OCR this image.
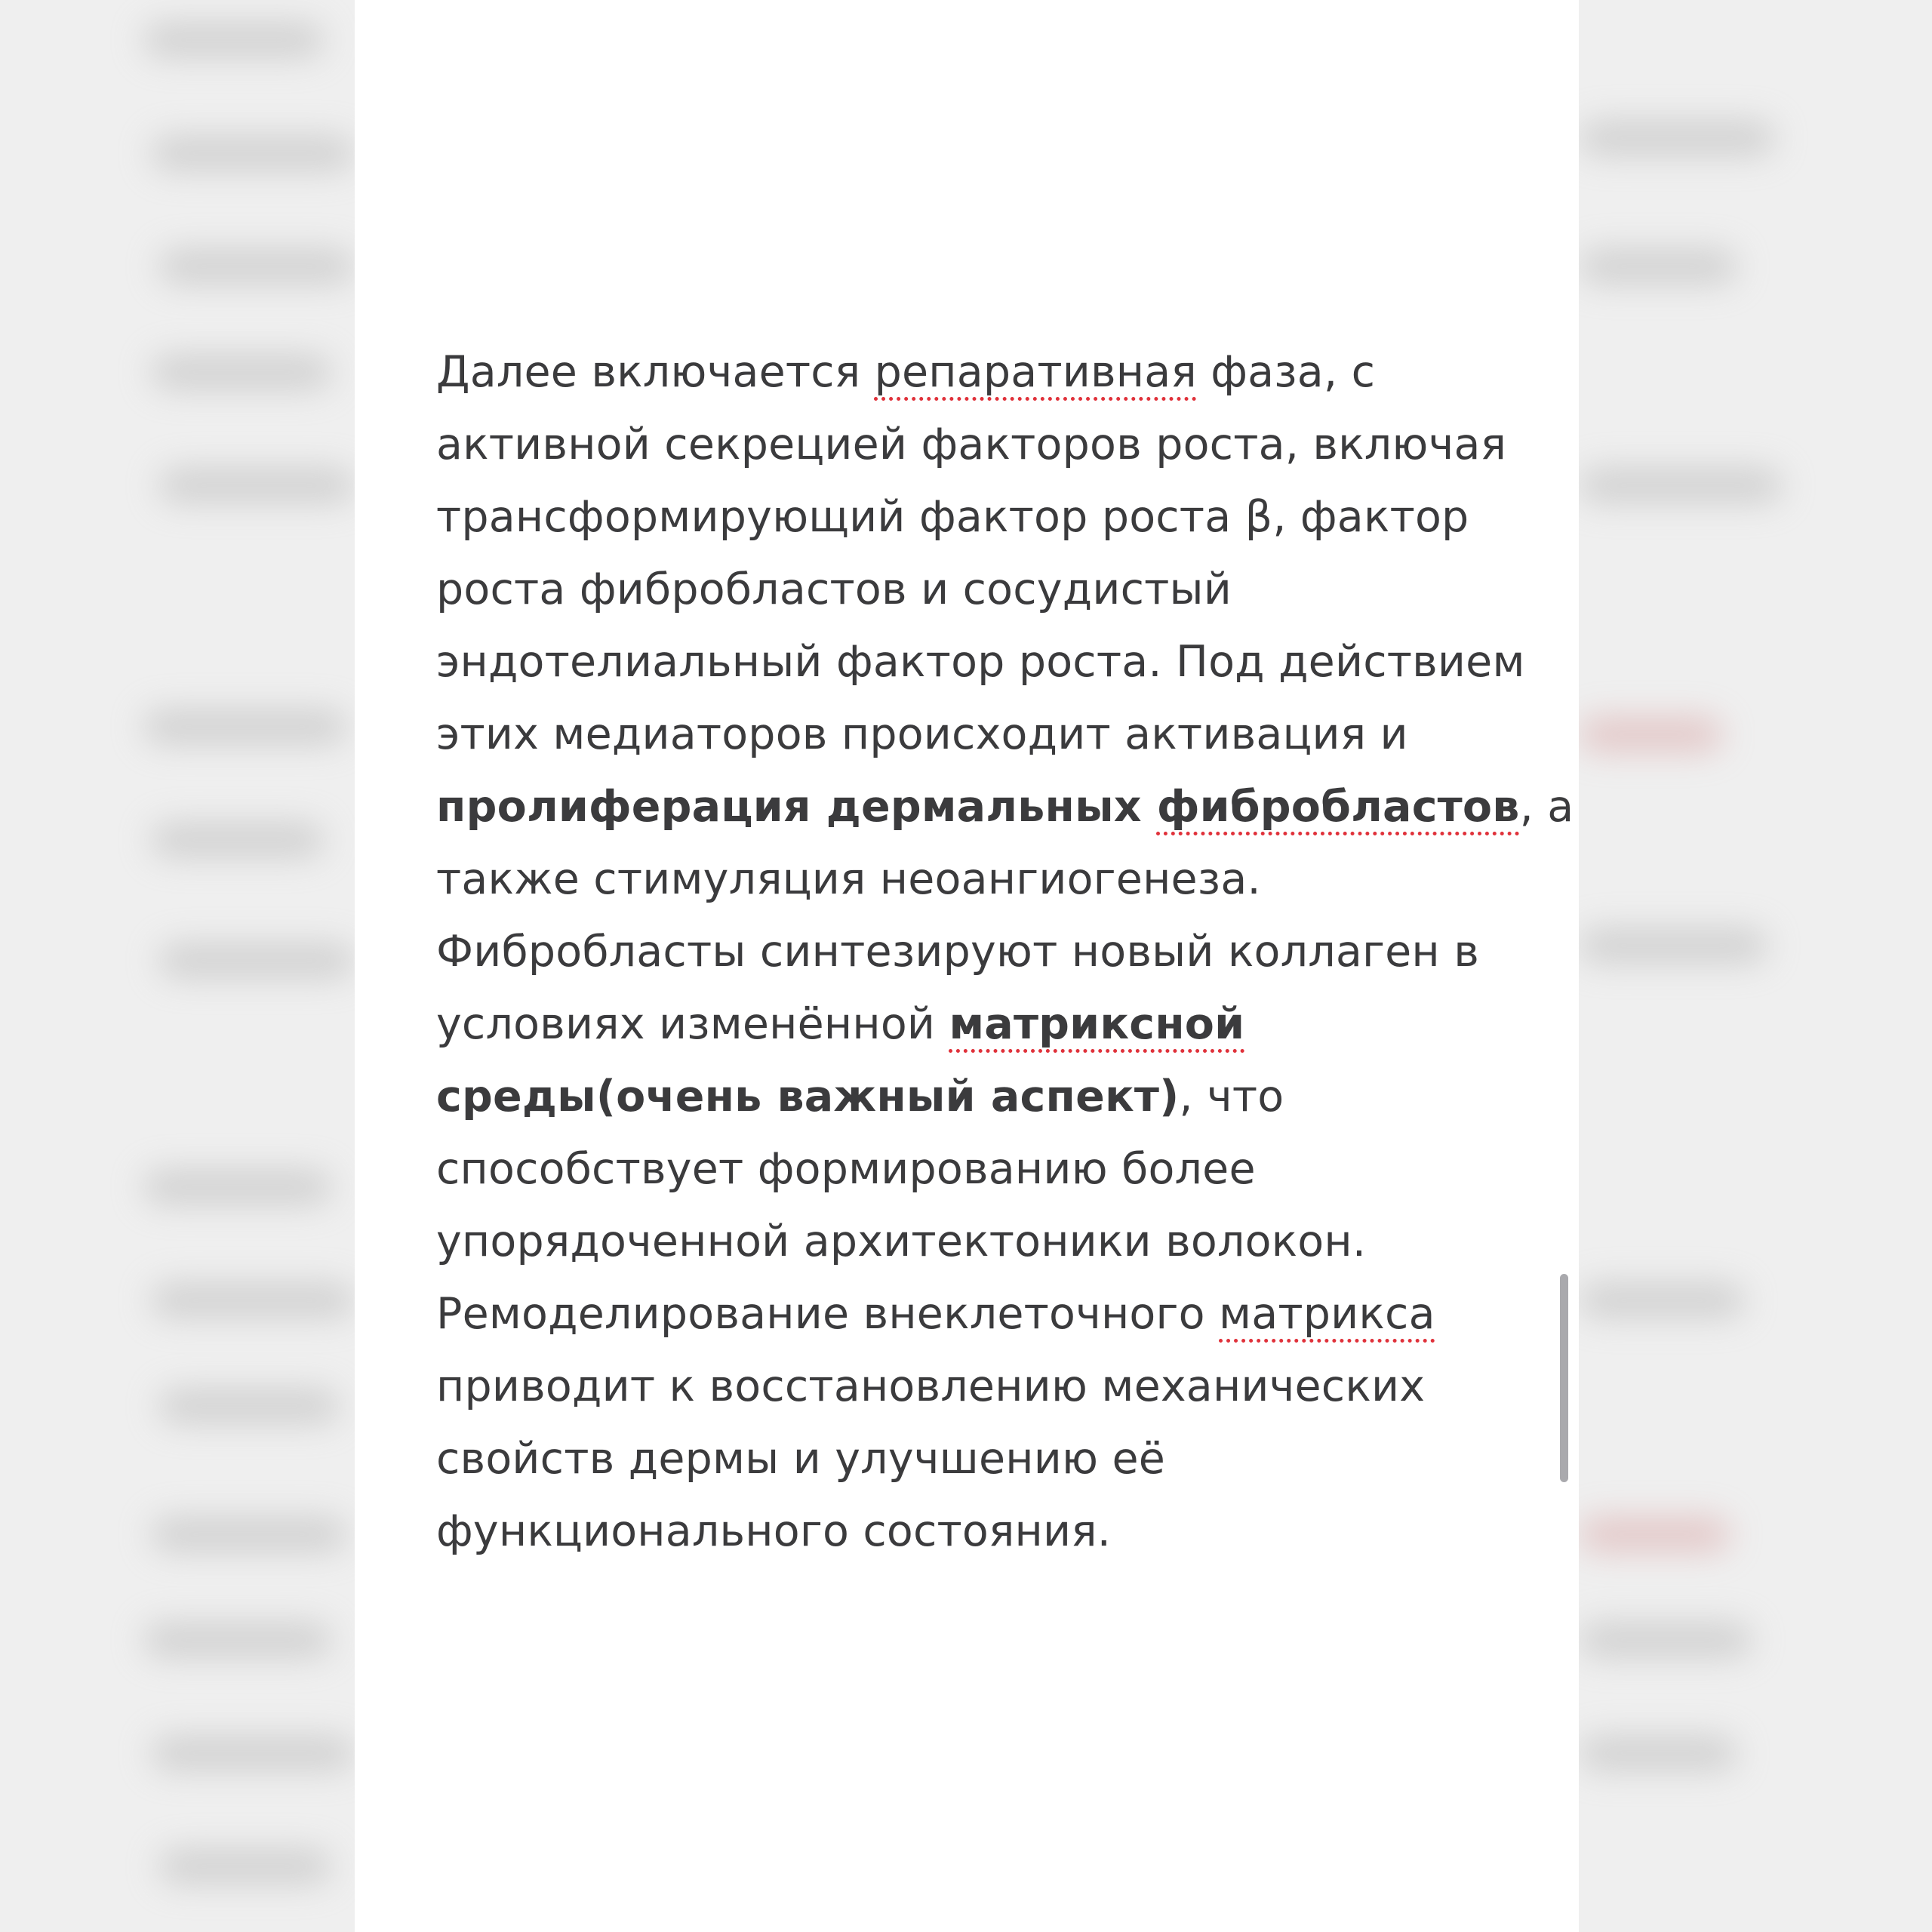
Далее включается репаративная фаза, с
активной секрецией факторов роста, включая
трансформирующий фактор роста β, фактор
роста фибробластов и сосудистый
эндотелиальный фактор роста. Под действием
этих медиаторов происходит активация и
пролиферация дермальных фибробластов, а
также стимуляция неоангиогенеза.
Фибробласты синтезируют новый коллаген в
условиях изменённой матриксной
среды(очень важный аспект), что
способствует формированию более
упорядоченной архитектоники волокон.
Ремоделирование внеклеточного матрикса
приводит к восстановлению механических
свойств дермы и улучшению её
функционального состояния.
